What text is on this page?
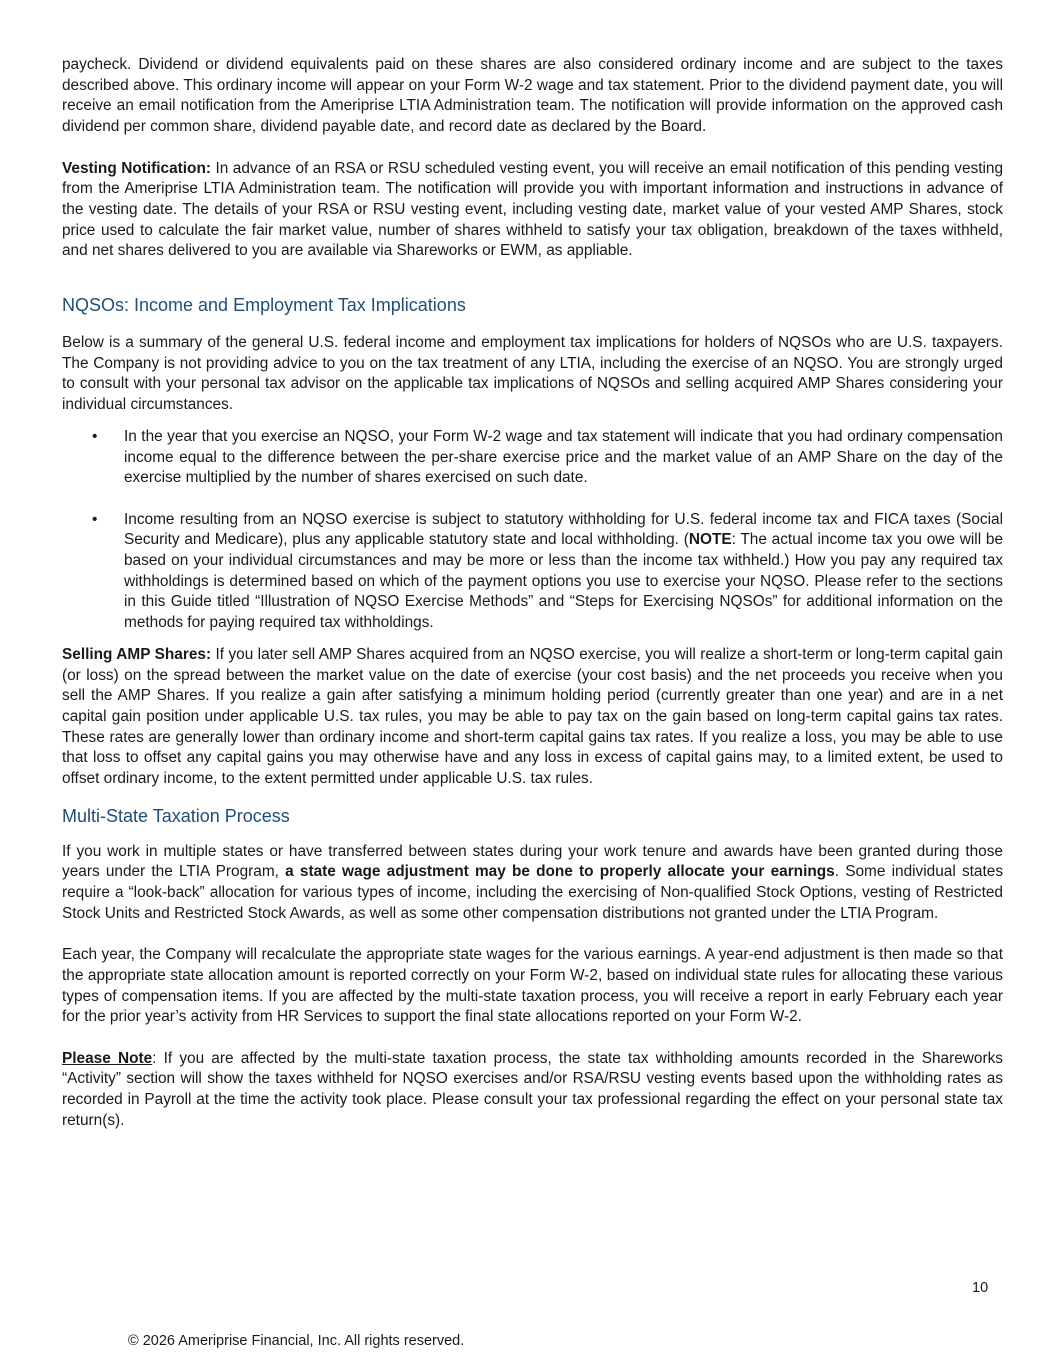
paycheck. Dividend or dividend equivalents paid on these shares are also considered ordinary income and are subject to the taxes described above. This ordinary income will appear on your Form W-2 wage and tax statement. Prior to the dividend payment date, you will receive an email notification from the Ameriprise LTIA Administration team. The notification will provide information on the approved cash dividend per common share, dividend payable date, and record date as declared by the Board.

Vesting Notification: In advance of an RSA or RSU scheduled vesting event, you will receive an email notification of this pending vesting from the Ameriprise LTIA Administration team. The notification will provide you with important information and instructions in advance of the vesting date. The details of your RSA or RSU vesting event, including vesting date, market value of your vested AMP Shares, stock price used to calculate the fair market value, number of shares withheld to satisfy your tax obligation, breakdown of the taxes withheld, and net shares delivered to you are available via Shareworks or EWM, as appliable.

NQSOs: Income and Employment Tax Implications

Below is a summary of the general U.S. federal income and employment tax implications for holders of NQSOs who are U.S. taxpayers. The Company is not providing advice to you on the tax treatment of any LTIA, including the exercise of an NQSO. You are strongly urged to consult with your personal tax advisor on the applicable tax implications of NQSOs and selling acquired AMP Shares considering your individual circumstances.

• In the year that you exercise an NQSO, your Form W-2 wage and tax statement will indicate that you had ordinary compensation income equal to the difference between the per-share exercise price and the market value of an AMP Share on the day of the exercise multiplied by the number of shares exercised on such date.
• Income resulting from an NQSO exercise is subject to statutory withholding for U.S. federal income tax and FICA taxes (Social Security and Medicare), plus any applicable statutory state and local withholding. (NOTE: The actual income tax you owe will be based on your individual circumstances and may be more or less than the income tax withheld.) How you pay any required tax withholdings is determined based on which of the payment options you use to exercise your NQSO. Please refer to the sections in this Guide titled “Illustration of NQSO Exercise Methods” and “Steps for Exercising NQSOs” for additional information on the methods for paying required tax withholdings.

Selling AMP Shares: If you later sell AMP Shares acquired from an NQSO exercise, you will realize a short-term or long-term capital gain (or loss) on the spread between the market value on the date of exercise (your cost basis) and the net proceeds you receive when you sell the AMP Shares. If you realize a gain after satisfying a minimum holding period (currently greater than one year) and are in a net capital gain position under applicable U.S. tax rules, you may be able to pay tax on the gain based on long-term capital gains tax rates. These rates are generally lower than ordinary income and short-term capital gains tax rates. If you realize a loss, you may be able to use that loss to offset any capital gains you may otherwise have and any loss in excess of capital gains may, to a limited extent, be used to offset ordinary income, to the extent permitted under applicable U.S. tax rules.

Multi-State Taxation Process

If you work in multiple states or have transferred between states during your work tenure and awards have been granted during those years under the LTIA Program, a state wage adjustment may be done to properly allocate your earnings. Some individual states require a “look-back” allocation for various types of income, including the exercising of Non-qualified Stock Options, vesting of Restricted Stock Units and Restricted Stock Awards, as well as some other compensation distributions not granted under the LTIA Program.

Each year, the Company will recalculate the appropriate state wages for the various earnings. A year-end adjustment is then made so that the appropriate state allocation amount is reported correctly on your Form W-2, based on individual state rules for allocating these various types of compensation items. If you are affected by the multi-state taxation process, you will receive a report in early February each year for the prior year’s activity from HR Services to support the final state allocations reported on your Form W-2.

Please Note: If you are affected by the multi-state taxation process, the state tax withholding amounts recorded in the Shareworks “Activity” section will show the taxes withheld for NQSO exercises and/or RSA/RSU vesting events based upon the withholding rates as recorded in Payroll at the time the activity took place. Please consult your tax professional regarding the effect on your personal state tax return(s).

10
© 2026 Ameriprise Financial, Inc. All rights reserved.
